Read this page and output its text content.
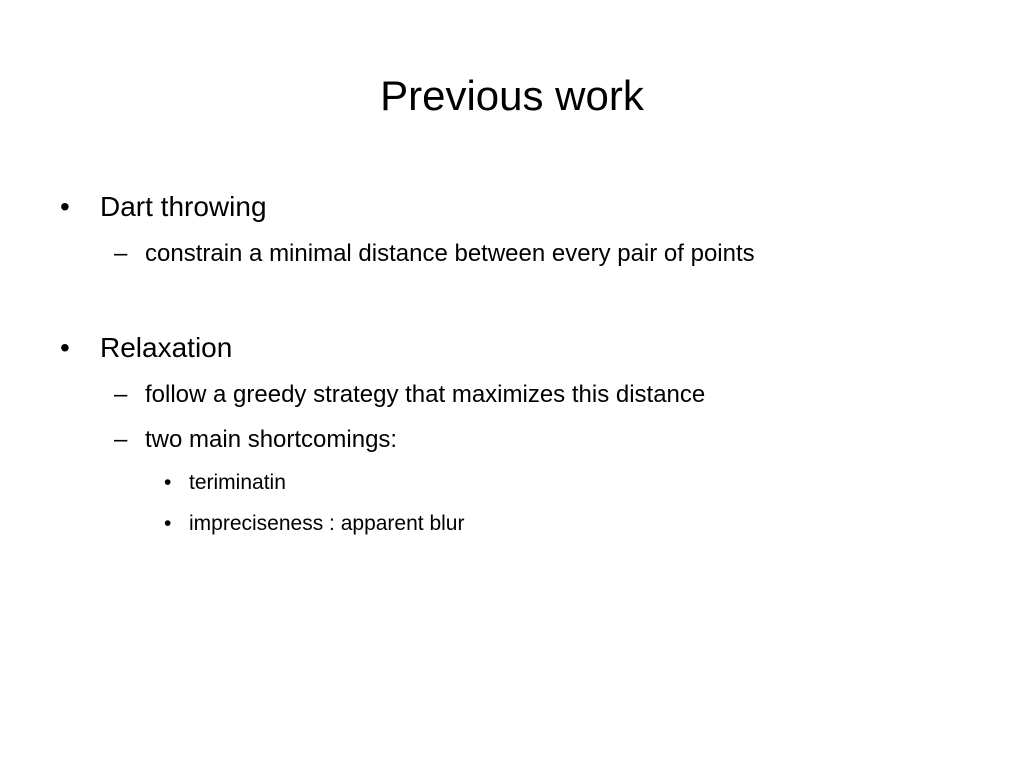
Previous work
• Dart throwing
– constrain a minimal distance between every pair of points
• Relaxation
– follow a greedy strategy that maximizes this distance
– two main shortcomings:
• teriminatin
• impreciseness : apparent blur
